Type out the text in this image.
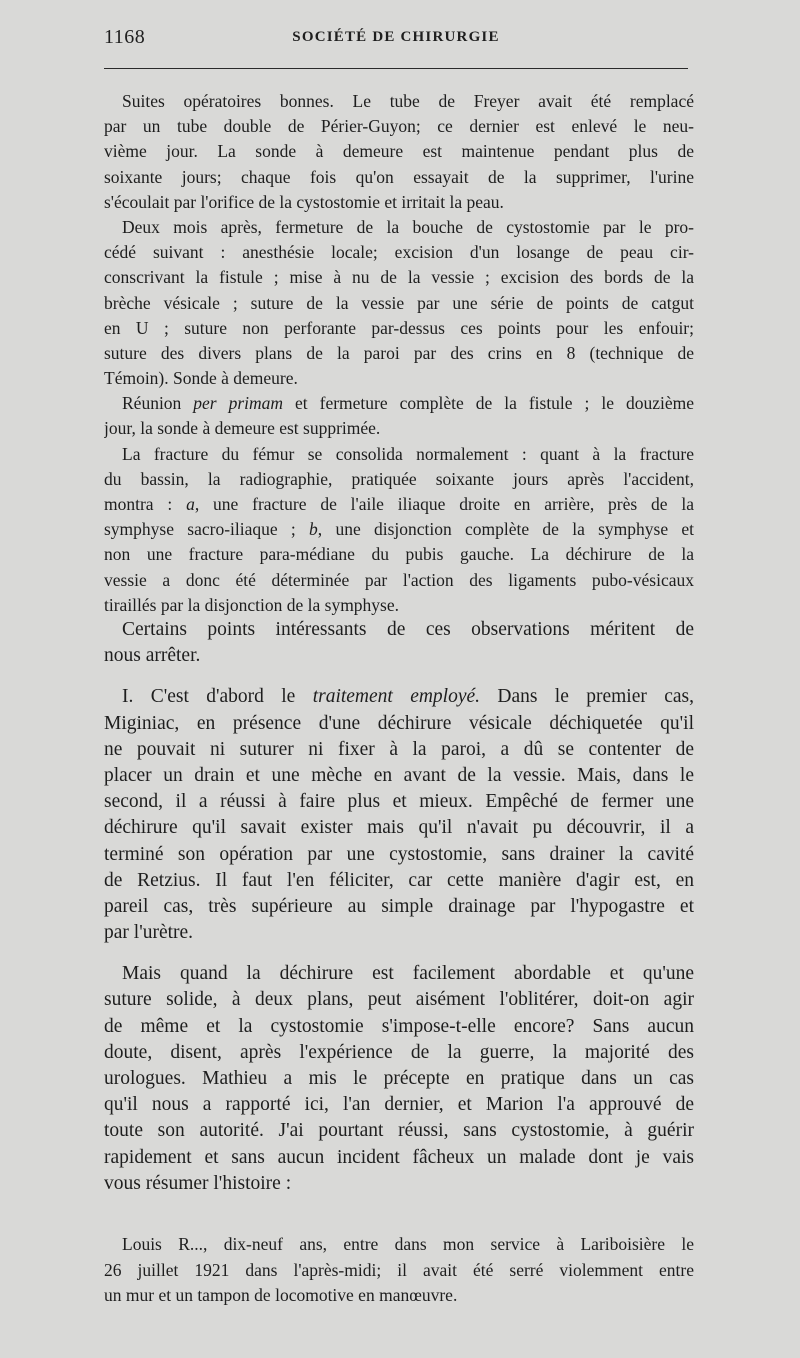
1168	SOCIÉTÉ DE CHIRURGIE
Suites opératoires bonnes. Le tube de Freyer avait été remplacé
par un tube double de Périer-Guyon; ce dernier est enlevé le neu-
vième jour. La sonde à demeure est maintenue pendant plus de
soixante jours; chaque fois qu'on essayait de la supprimer, l'urine
s'écoulait par l'orifice de la cystostomie et irritait la peau.
Deux mois après, fermeture de la bouche de cystostomie par le pro-
cédé suivant : anesthésie locale; excision d'un losange de peau cir-
conscrivant la fistule ; mise à nu de la vessie ; excision des bords de la
brèche vésicale ; suture de la vessie par une série de points de catgut
en U ; suture non perforante par-dessus ces points pour les enfouir;
suture des divers plans de la paroi par des crins en 8 (technique de
Témoin). Sonde à demeure.
Réunion per primam et fermeture complète de la fistule ; le douzième
jour, la sonde à demeure est supprimée.
La fracture du fémur se consolida normalement : quant à la fracture
du bassin, la radiographie, pratiquée soixante jours après l'accident,
montra : a, une fracture de l'aile iliaque droite en arrière, près de la
symphyse sacro-iliaque ; b, une disjonction complète de la symphyse et
non une fracture para-médiane du pubis gauche. La déchirure de la
vessie a donc été déterminée par l'action des ligaments pubo-vésicaux
tiraillés par la disjonction de la symphyse.
Certains points intéressants de ces observations méritent de
nous arrêter.
I. C'est d'abord le traitement employé. Dans le premier cas,
Miginiac, en présence d'une déchirure vésicale déchiquetée qu'il
ne pouvait ni suturer ni fixer à la paroi, a dû se contenter de
placer un drain et une mèche en avant de la vessie. Mais, dans le
second, il a réussi à faire plus et mieux. Empêché de fermer une
déchirure qu'il savait exister mais qu'il n'avait pu découvrir, il a
terminé son opération par une cystostomie, sans drainer la cavité
de Retzius. Il faut l'en féliciter, car cette manière d'agir est, en
pareil cas, très supérieure au simple drainage par l'hypogastre et
par l'urètre.
Mais quand la déchirure est facilement abordable et qu'une
suture solide, à deux plans, peut aisément l'oblitérer, doit-on agir
de même et la cystostomie s'impose-t-elle encore? Sans aucun
doute, disent, après l'expérience de la guerre, la majorité des
urologues. Mathieu a mis le précepte en pratique dans un cas
qu'il nous a rapporté ici, l'an dernier, et Marion l'a approuvé de
toute son autorité. J'ai pourtant réussi, sans cystostomie, à guérir
rapidement et sans aucun incident fâcheux un malade dont je vais
vous résumer l'histoire :
Louis R..., dix-neuf ans, entre dans mon service à Lariboisière le
26 juillet 1921 dans l'après-midi; il avait été serré violemment entre
un mur et un tampon de locomotive en manœuvre.
